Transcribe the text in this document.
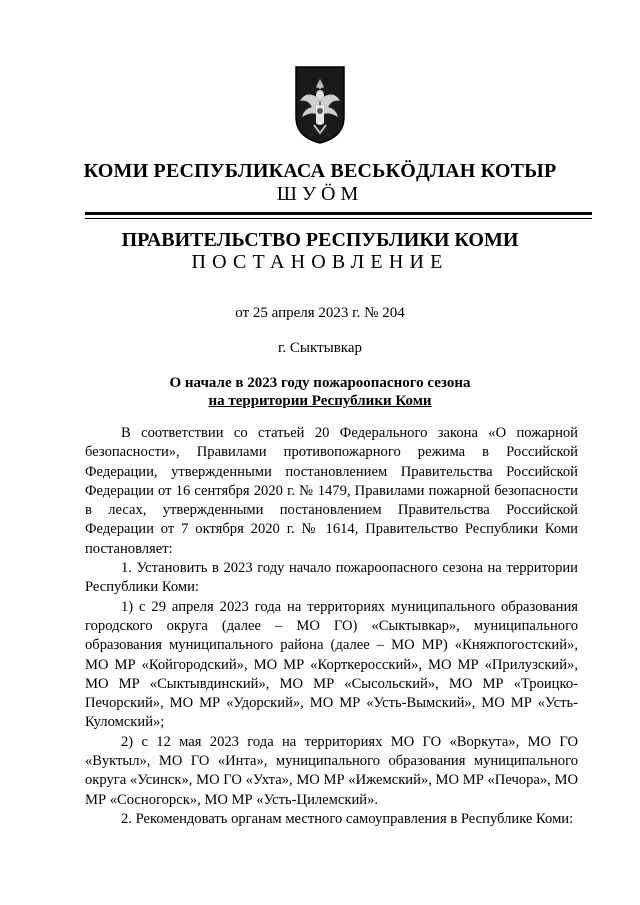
КОМИ РЕСПУБЛИКАСА ВЕСЬКӦДЛАН КОТЫР
ШУӦМ
ПРАВИТЕЛЬСТВО РЕСПУБЛИКИ КОМИ
ПОСТАНОВЛЕНИЕ
от 25 апреля 2023 г. № 204
г. Сыктывкар
О начале в 2023 году пожароопасного сезона
на территории Республики Коми

В соответствии со статьей 20 Федерального закона «О пожарной безопасности», Правилами противопожарного режима в Российской Федерации, утвержденными постановлением Правительства Российской Федерации от 16 сентября 2020 г. № 1479, Правилами пожарной безопасности в лесах, утвержденными постановлением Правительства Российской Федерации от 7 октября 2020 г. № 1614, Правительство Республики Коми постановляет:

1. Установить в 2023 году начало пожароопасного сезона на территории Республики Коми:

1) с 29 апреля 2023 года на территориях муниципального образования городского округа (далее – МО ГО) «Сыктывкар», муниципального образования муниципального района (далее – МО МР) «Княжпогостский», МО МР «Койгородский», МО МР «Корткеросский», МО МР «Прилузский», МО МР «Сыктывдинский», МО МР «Сысольский», МО МР «Троицко-Печорский», МО МР «Удорский», МО МР «Усть-Вымский», МО МР «Усть-Куломский»;

2) с 12 мая 2023 года на территориях МО ГО «Воркута», МО ГО «Вуктыл», МО ГО «Инта», муниципального образования муниципального округа «Усинск», МО ГО «Ухта», МО МР «Ижемский», МО МР «Печора», МО МР «Сосногорск», МО МР «Усть-Цилемский».

2. Рекомендовать органам местного самоуправления в Республике Коми:
